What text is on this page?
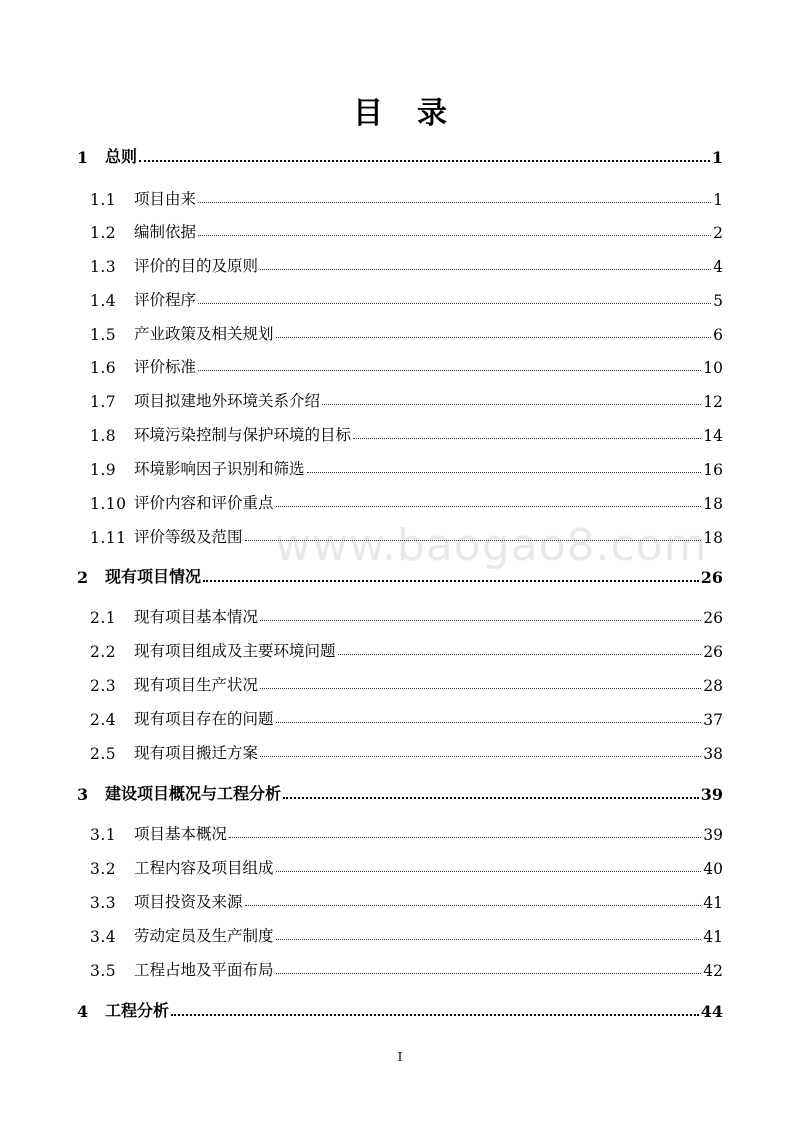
目 录
www.baogao8.com
1	总则	1
1.1	项目由来	1
1.2	编制依据	2
1.3	评价的目的及原则	4
1.4	评价程序	5
1.5	产业政策及相关规划	6
1.6	评价标准	10
1.7	项目拟建地外环境关系介绍	12
1.8	环境污染控制与保护环境的目标	14
1.9	环境影响因子识别和筛选	16
1.10 评价内容和评价重点	18
1.11 评价等级及范围	18
2	现有项目情况	26
2.1	现有项目基本情况	26
2.2	现有项目组成及主要环境问题	26
2.3	现有项目生产状况	28
2.4	现有项目存在的问题	37
2.5	现有项目搬迁方案	38
3	建设项目概况与工程分析	39
3.1	项目基本概况	39
3.2	工程内容及项目组成	40
3.3	项目投资及来源	41
3.4	劳动定员及生产制度	41
3.5	工程占地及平面布局	42
4	工程分析	44
I
